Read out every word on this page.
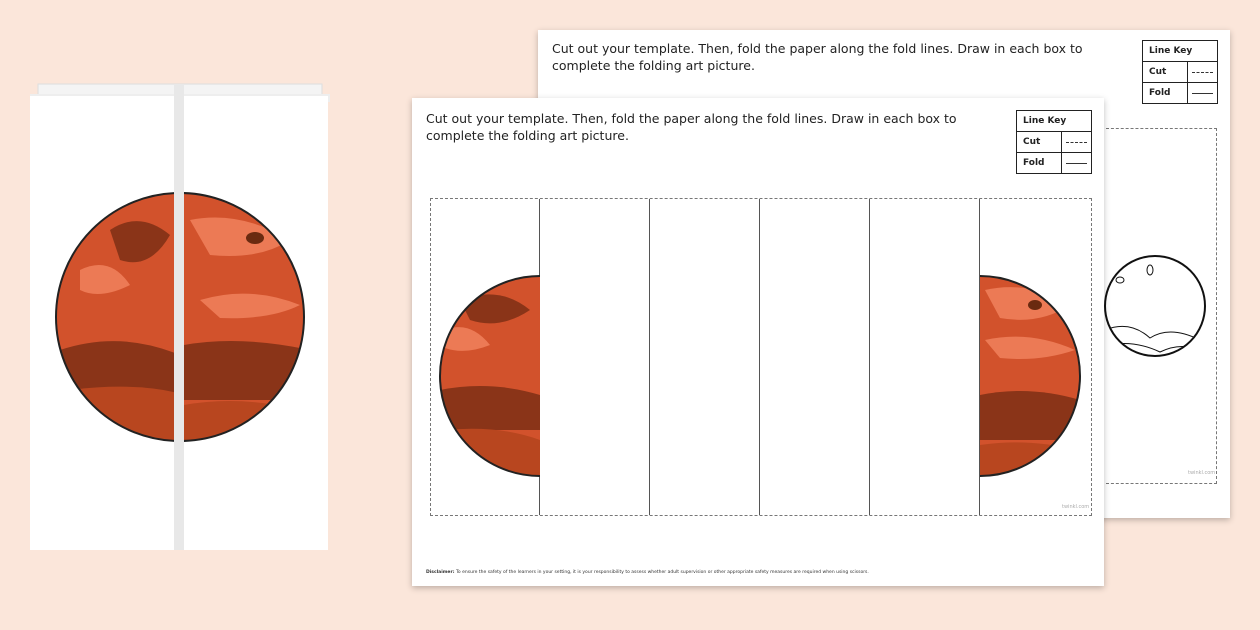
Cut out your template. Then, fold the paper along the fold lines. Draw in each box to complete the folding art picture.
Line Key
Cut
Fold
twinkl.com
Cut out your template. Then, fold the paper along the fold lines. Draw in each box to complete the folding art picture.
Line Key
Cut
Fold
Disclaimer: To ensure the safety of the learners in your setting, it is your responsibility to assess whether adult supervision or other appropriate safety measures are required when using scissors.
twinkl.com
